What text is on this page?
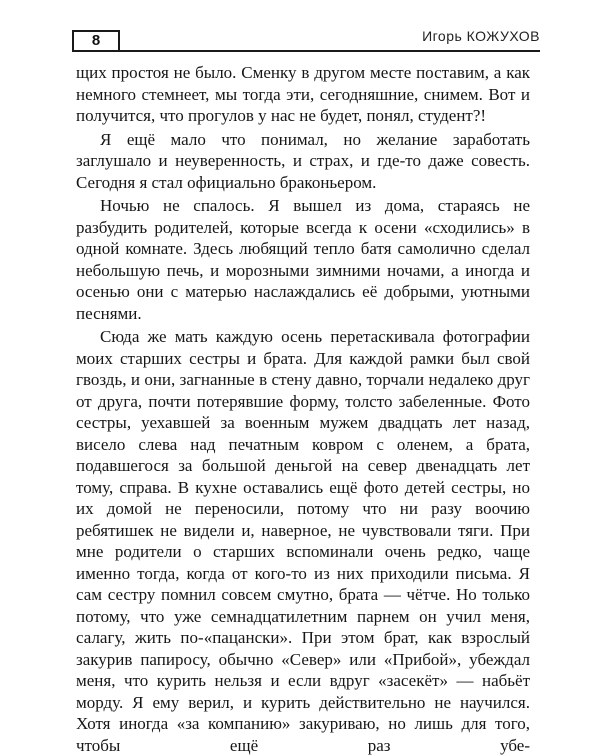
8	Игорь КОЖУХОВ

щих простоя не было. Сменку в другом месте поставим, а как немного стемнеет, мы тогда эти, сегодняшние, снимем. Вот и получится, что прогулов у нас не будет, понял, студент?!

Я ещё мало что понимал, но желание заработать заглушало и неуверенность, и страх, и где-то даже совесть. Сегодня я стал официально браконьером.

Ночью не спалось. Я вышел из дома, стараясь не разбудить родителей, которые всегда к осени «сходились» в одной комнате. Здесь любящий тепло батя самолично сделал небольшую печь, и морозными зимними ночами, а иногда и осенью они с матерью наслаждались её добрыми, уютными песнями.

Сюда же мать каждую осень перетаскивала фотографии моих старших сестры и брата. Для каждой рамки был свой гвоздь, и они, загнанные в стену давно, торчали недалеко друг от друга, почти потерявшие форму, толсто забеленные. Фото сестры, уехавшей за военным мужем двадцать лет назад, висело слева над печатным ковром с оленем, а брата, подавшегося за большой деньгой на север двенадцать лет тому, справа. В кухне оставались ещё фото детей сестры, но их домой не переносили, потому что ни разу воочию ребятишек не видели и, наверное, не чувствовали тяги. При мне родители о старших вспоминали очень редко, чаще именно тогда, когда от кого-то из них приходили письма. Я сам сестру помнил совсем смутно, брата — чётче. Но только потому, что уже семнадцатилетним парнем он учил меня, салагу, жить по-«пацански». При этом брат, как взрослый закурив папиросу, обычно «Север» или «Прибой», убеждал меня, что курить нельзя и если вдруг «засекёт» — набьёт морду. Я ему верил, и курить действительно не научился. Хотя иногда «за компанию» закуриваю, но лишь для того, чтобы ещё раз убе-
